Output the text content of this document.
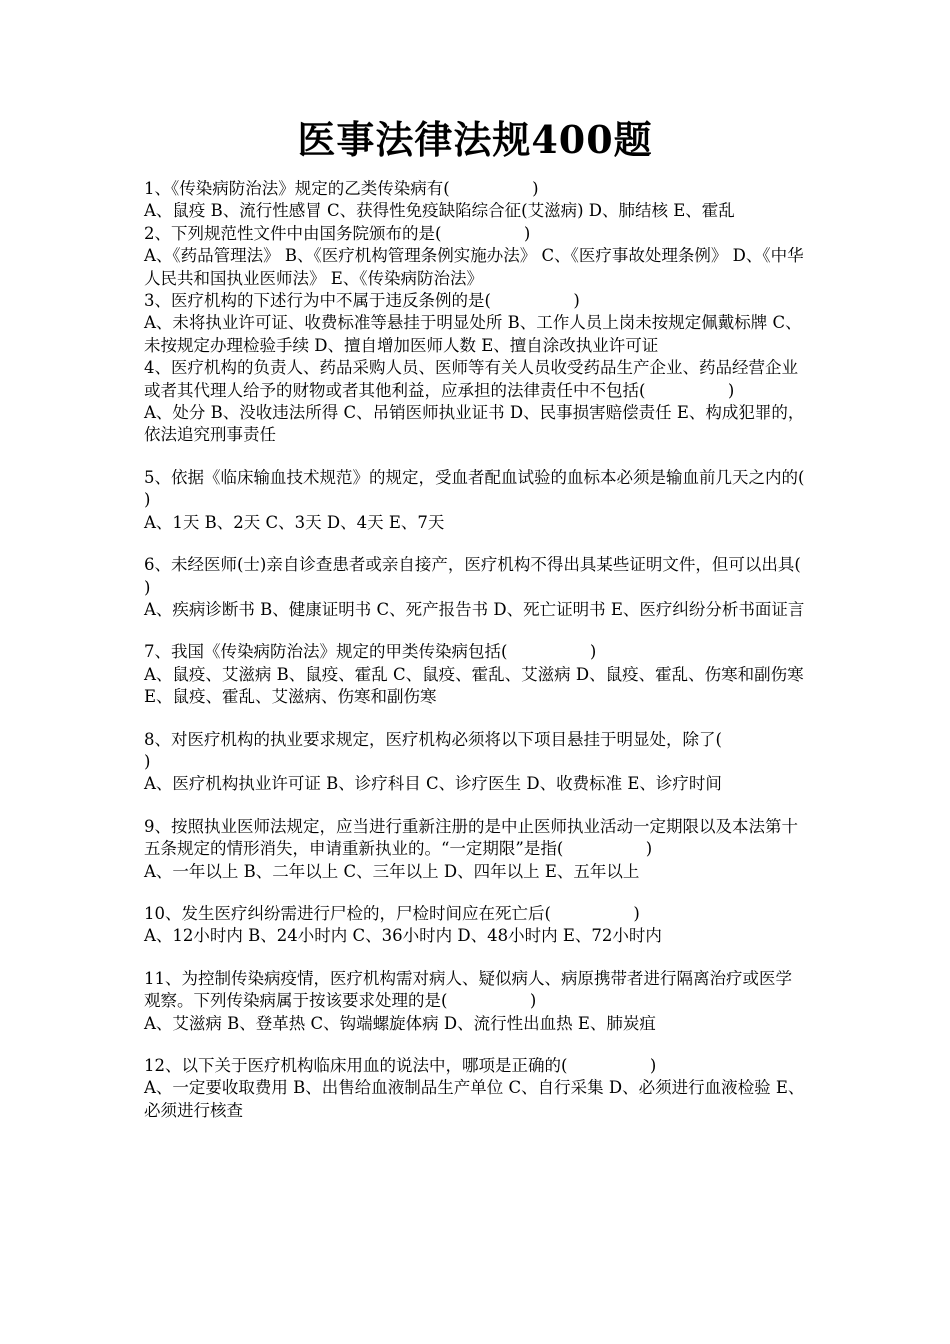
医事法律法规400题
1、《传染病防治法》规定的乙类传染病有(　　　　　)
A、鼠疫 B、流行性感冒 C、获得性免疫缺陷综合征(艾滋病) D、肺结核 E、霍乱
2、下列规范性文件中由国务院颁布的是(　　　　　)
A、《药品管理法》 B、《医疗机构管理条例实施办法》 C、《医疗事故处理条例》 D、《中华人民共和国执业医师法》 E、《传染病防治法》
3、医疗机构的下述行为中不属于违反条例的是(　　　　　)
A、未将执业许可证、收费标准等悬挂于明显处所 B、工作人员上岗未按规定佩戴标牌 C、未按规定办理检验手续 D、擅自增加医师人数 E、擅自涂改执业许可证
4、医疗机构的负责人、药品采购人员、医师等有关人员收受药品生产企业、药品经营企业或者其代理人给予的财物或者其他利益，应承担的法律责任中不包括(　　　　　)
A、处分 B、没收违法所得 C、吊销医师执业证书 D、民事损害赔偿责任 E、构成犯罪的，依法追究刑事责任
5、依据《临床输血技术规范》的规定，受血者配血试验的血标本必须是输血前几天之内的(　　　　　)
A、1天 B、2天 C、3天 D、4天 E、7天
6、未经医师(士)亲自诊查患者或亲自接产，医疗机构不得出具某些证明文件，但可以出具(　　　　　)
A、疾病诊断书 B、健康证明书 C、死产报告书 D、死亡证明书 E、医疗纠纷分析书面证言
7、我国《传染病防治法》规定的甲类传染病包括(　　　　　)
A、鼠疫、艾滋病 B、鼠疫、霍乱 C、鼠疫、霍乱、艾滋病 D、鼠疫、霍乱、伤寒和副伤寒 E、鼠疫、霍乱、艾滋病、伤寒和副伤寒
8、对医疗机构的执业要求规定，医疗机构必须将以下项目悬挂于明显处，除了(　　　　　)
A、医疗机构执业许可证 B、诊疗科目 C、诊疗医生 D、收费标准 E、诊疗时间
9、按照执业医师法规定，应当进行重新注册的是中止医师执业活动一定期限以及本法第十五条规定的情形消失，申请重新执业的。“一定期限”是指(　　　　　)
A、一年以上 B、二年以上 C、三年以上 D、四年以上 E、五年以上
10、发生医疗纠纷需进行尸检的，尸检时间应在死亡后(　　　　　)
A、12小时内 B、24小时内 C、36小时内 D、48小时内 E、72小时内
11、为控制传染病疫情，医疗机构需对病人、疑似病人、病原携带者进行隔离治疗或医学观察。下列传染病属于按该要求处理的是(　　　　　)
A、艾滋病 B、登革热 C、钩端螺旋体病 D、流行性出血热 E、肺炭疽
12、以下关于医疗机构临床用血的说法中，哪项是正确的(　　　　　)
A、一定要收取费用 B、出售给血液制品生产单位 C、自行采集 D、必须进行血液检验 E、必须进行核查
